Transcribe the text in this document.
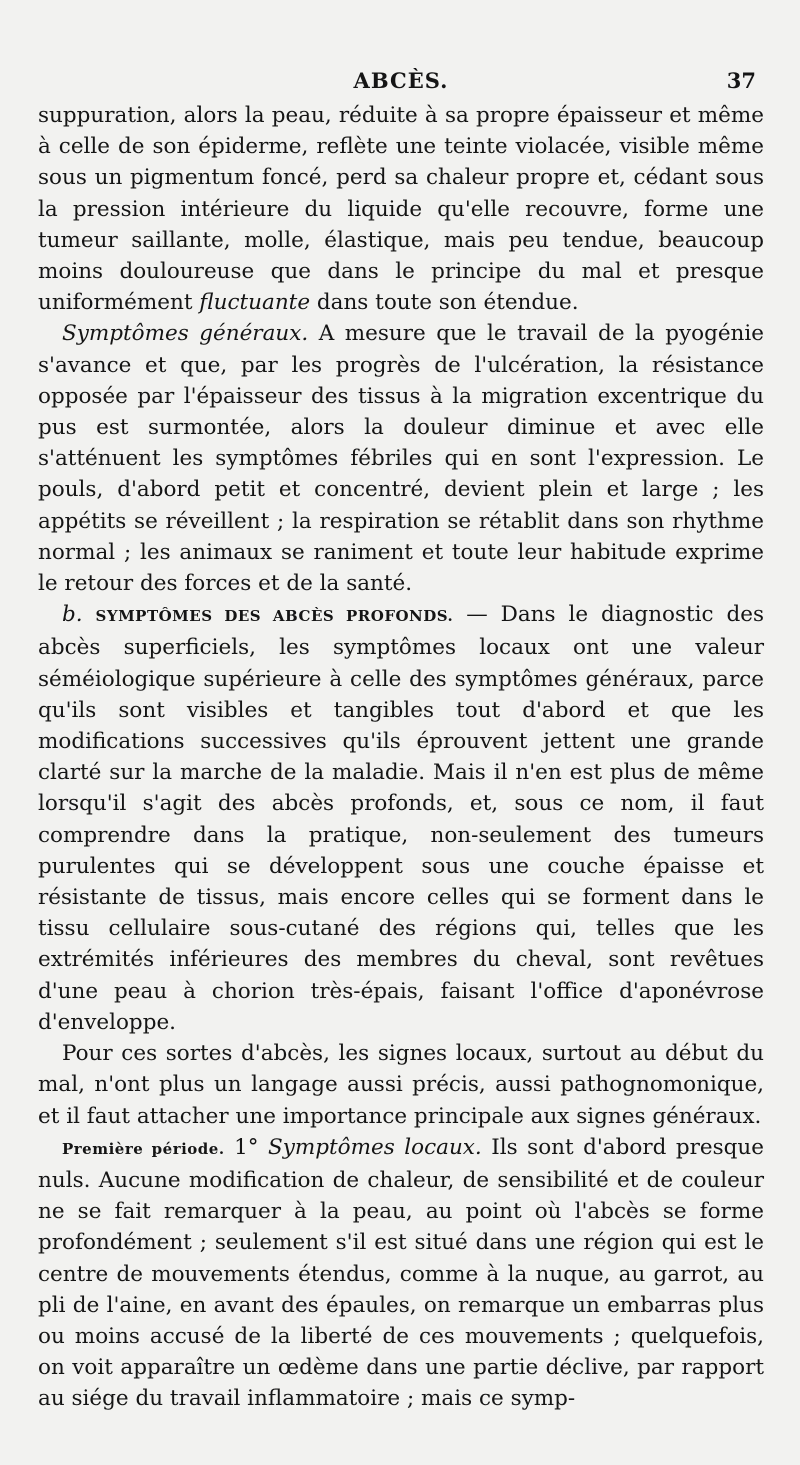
ABCÈS.	37

suppuration, alors la peau, réduite à sa propre épaisseur et même à celle de son épiderme, reflète une teinte violacée, visible même sous un pigmentum foncé, perd sa chaleur propre et, cédant sous la pression intérieure du liquide qu'elle recouvre, forme une tumeur saillante, molle, élastique, mais peu tendue, beaucoup moins douloureuse que dans le principe du mal et presque uniformément fluctuante dans toute son étendue.

Symptômes généraux. A mesure que le travail de la pyogénie s'avance et que, par les progrès de l'ulcération, la résistance opposée par l'épaisseur des tissus à la migration excentrique du pus est surmontée, alors la douleur diminue et avec elle s'atténuent les symptômes fébriles qui en sont l'expression. Le pouls, d'abord petit et concentré, devient plein et large ; les appétits se réveillent ; la respiration se rétablit dans son rhythme normal ; les animaux se raniment et toute leur habitude exprime le retour des forces et de la santé.

b. SYMPTÔMES DES ABCÈS PROFONDS. — Dans le diagnostic des abcès superficiels, les symptômes locaux ont une valeur séméiologique supérieure à celle des symptômes généraux, parce qu'ils sont visibles et tangibles tout d'abord et que les modifications successives qu'ils éprouvent jettent une grande clarté sur la marche de la maladie. Mais il n'en est plus de même lorsqu'il s'agit des abcès profonds, et, sous ce nom, il faut comprendre dans la pratique, non-seulement des tumeurs purulentes qui se développent sous une couche épaisse et résistante de tissus, mais encore celles qui se forment dans le tissu cellulaire sous-cutané des régions qui, telles que les extrémités inférieures des membres du cheval, sont revêtues d'une peau à chorion très-épais, faisant l'office d'aponévrose d'enveloppe.

Pour ces sortes d'abcès, les signes locaux, surtout au début du mal, n'ont plus un langage aussi précis, aussi pathognomonique, et il faut attacher une importance principale aux signes généraux.

Première période. 1° Symptômes locaux. Ils sont d'abord presque nuls. Aucune modification de chaleur, de sensibilité et de couleur ne se fait remarquer à la peau, au point où l'abcès se forme profondément ; seulement s'il est situé dans une région qui est le centre de mouvements étendus, comme à la nuque, au garrot, au pli de l'aine, en avant des épaules, on remarque un embarras plus ou moins accusé de la liberté de ces mouvements ; quelquefois, on voit apparaître un œdème dans une partie déclive, par rapport au siége du travail inflammatoire ; mais ce symp-
